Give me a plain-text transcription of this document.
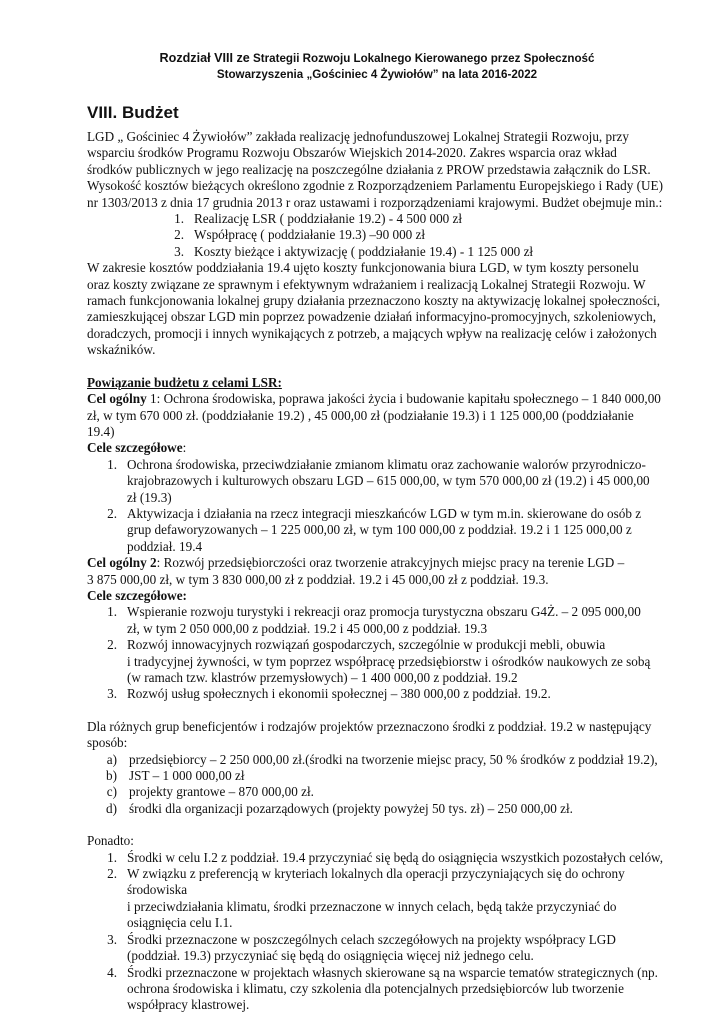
Rozdział VIII ze Strategii Rozwoju Lokalnego Kierowanego przez Społeczność
Stowarzyszenia „Gościniec 4 Żywiołów” na lata 2016-2022
VIII. Budżet
LGD „ Gościniec 4 Żywiołów” zakłada realizację jednofunduszowej Lokalnej Strategii Rozwoju, przy
wsparciu środków Programu Rozwoju Obszarów Wiejskich 2014-2020. Zakres wsparcia oraz wkład
środków publicznych w jego realizację na poszczególne działania z PROW przedstawia załącznik do LSR.
Wysokość kosztów bieżących określono zgodnie z Rozporządzeniem Parlamentu Europejskiego i Rady (UE)
nr 1303/2013 z dnia 17 grudnia 2013 r oraz ustawami i rozporządzeniami krajowymi. Budżet obejmuje min.:
1. Realizację LSR ( poddziałanie 19.2) - 4 500 000 zł
2. Współpracę ( poddziałanie 19.3) –90 000 zł
3. Koszty bieżące i aktywizację ( poddziałanie 19.4) - 1 125 000 zł
W zakresie kosztów poddziałania 19.4 ujęto koszty funkcjonowania biura LGD, w tym koszty personelu
oraz koszty związane ze sprawnym i efektywnym wdrażaniem i realizacją Lokalnej Strategii Rozwoju. W
ramach funkcjonowania lokalnej grupy działania przeznaczono koszty na aktywizację lokalnej społeczności,
zamieszkującej obszar LGD min poprzez powadzenie działań informacyjno-promocyjnych, szkoleniowych,
doradczych, promocji i innych wynikających z potrzeb, a mających wpływ na realizację celów i założonych
wskaźników.
Powiązanie budżetu z celami LSR:
Cel ogólny 1: Ochrona środowiska, poprawa jakości życia i budowanie kapitału społecznego – 1 840 000,00
zł, w tym 670 000 zł. (poddziałanie 19.2) , 45 000,00 zł (podziałanie 19.3) i 1 125 000,00 (poddziałanie
19.4)
Cele szczegółowe:
1. Ochrona środowiska, przeciwdziałanie zmianom klimatu oraz zachowanie walorów przyrodniczo-
krajobrazowych i kulturowych obszaru LGD – 615 000,00, w tym 570 000,00 zł (19.2) i 45 000,00
zł (19.3)
2. Aktywizacja i działania na rzecz integracji mieszkańców LGD w tym m.in. skierowane do osób z
grup defaworyzowanych – 1 225 000,00 zł, w tym 100 000,00 z poddział. 19.2 i 1 125 000,00 z
poddział. 19.4
Cel ogólny 2: Rozwój przedsiębiorczości oraz tworzenie atrakcyjnych miejsc pracy na terenie LGD –
3 875 000,00 zł, w tym 3 830 000,00 zł z poddział. 19.2 i 45 000,00 zł z poddział. 19.3.
Cele szczegółowe:
1. Wspieranie rozwoju turystyki i rekreacji oraz promocja turystyczna obszaru G4Ż. – 2 095 000,00
zł, w tym 2 050 000,00 z poddział. 19.2 i 45 000,00 z poddział. 19.3
2. Rozwój innowacyjnych rozwiązań gospodarczych, szczególnie w produkcji mebli, obuwia
i tradycyjnej żywności, w tym poprzez współpracę przedsiębiorstw i ośrodków naukowych ze sobą
(w ramach tzw. klastrów przemysłowych) – 1 400 000,00 z poddział. 19.2
3. Rozwój usług społecznych i ekonomii społecznej – 380 000,00 z poddział. 19.2.
Dla różnych grup beneficjentów i rodzajów projektów przeznaczono środki z poddział. 19.2 w następujący
sposób:
a) przedsiębiorcy – 2 250 000,00 zł.(środki na tworzenie miejsc pracy, 50 % środków z poddział 19.2),
b) JST – 1 000 000,00 zł
c) projekty grantowe – 870 000,00 zł.
d) środki dla organizacji pozarządowych (projekty powyżej 50 tys. zł) – 250 000,00 zł.
Ponadto:
1. Środki w celu I.2 z poddział. 19.4 przyczyniać się będą do osiągnięcia wszystkich pozostałych celów,
2. W związku z preferencją w kryteriach lokalnych dla operacji przyczyniających się do ochrony
środowiska
i przeciwdziałania klimatu, środki przeznaczone w innych celach, będą także przyczyniać do
osiągnięcia celu I.1.
3. Środki przeznaczone w poszczególnych celach szczegółowych na projekty współpracy LGD
(poddział. 19.3) przyczyniać się będą do osiągnięcia więcej niż jednego celu.
4. Środki przeznaczone w projektach własnych skierowane są na wsparcie tematów strategicznych (np.
ochrona środowiska i klimatu, czy szkolenia dla potencjalnych przedsiębiorców lub tworzenie
współpracy klastrowej.
